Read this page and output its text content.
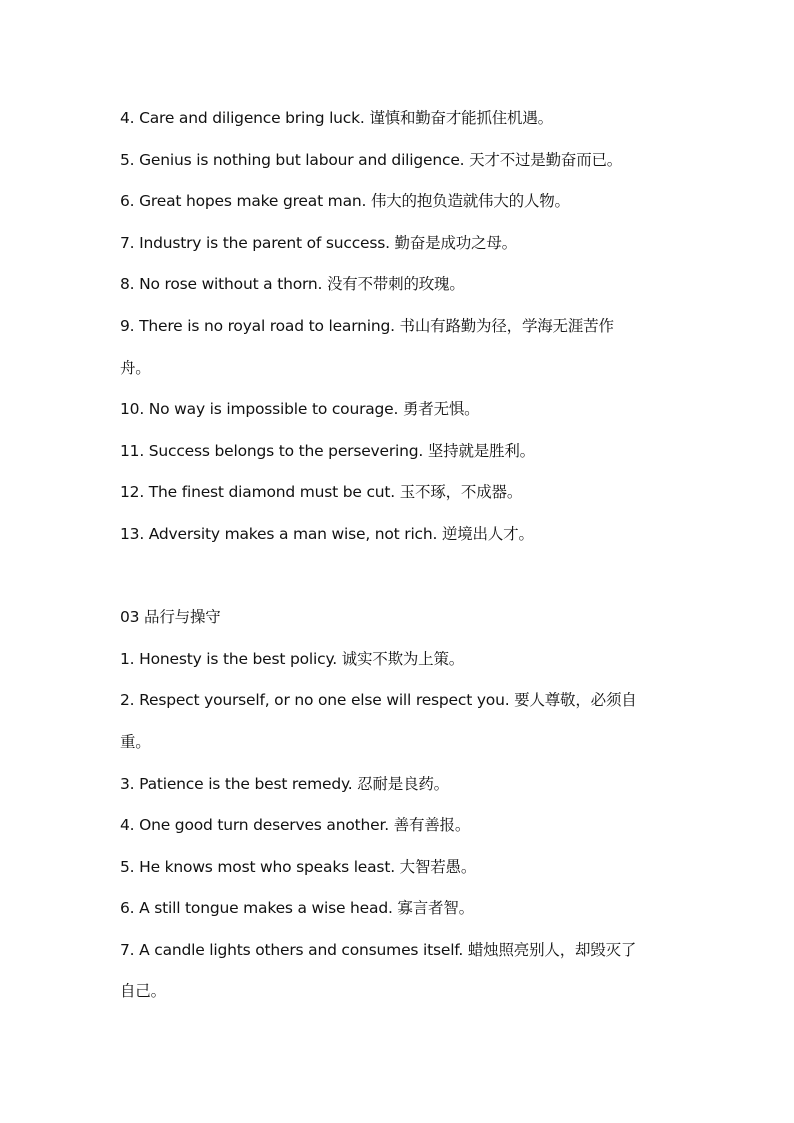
4. Care and diligence bring luck. 谨慎和勤奋才能抓住机遇。
5. Genius is nothing but labour and diligence. 天才不过是勤奋而已。
6. Great hopes make great man. 伟大的抱负造就伟大的人物。
7. Industry is the parent of success. 勤奋是成功之母。
8. No rose without a thorn. 没有不带刺的玫瑰。
9. There is no royal road to learning. 书山有路勤为径，学海无涯苦作
舟。
10. No way is impossible to courage. 勇者无惧。
11. Success belongs to the persevering. 坚持就是胜利。
12. The finest diamond must be cut. 玉不琢，不成器。
13. Adversity makes a man wise, not rich. 逆境出人才。
03 品行与操守
1. Honesty is the best policy. 诚实不欺为上策。
2. Respect yourself, or no one else will respect you. 要人尊敬，必须自
重。
3. Patience is the best remedy. 忍耐是良药。
4. One good turn deserves another. 善有善报。
5. He knows most who speaks least. 大智若愚。
6. A still tongue makes a wise head. 寡言者智。
7. A candle lights others and consumes itself. 蜡烛照亮别人，却毁灭了
自己。
